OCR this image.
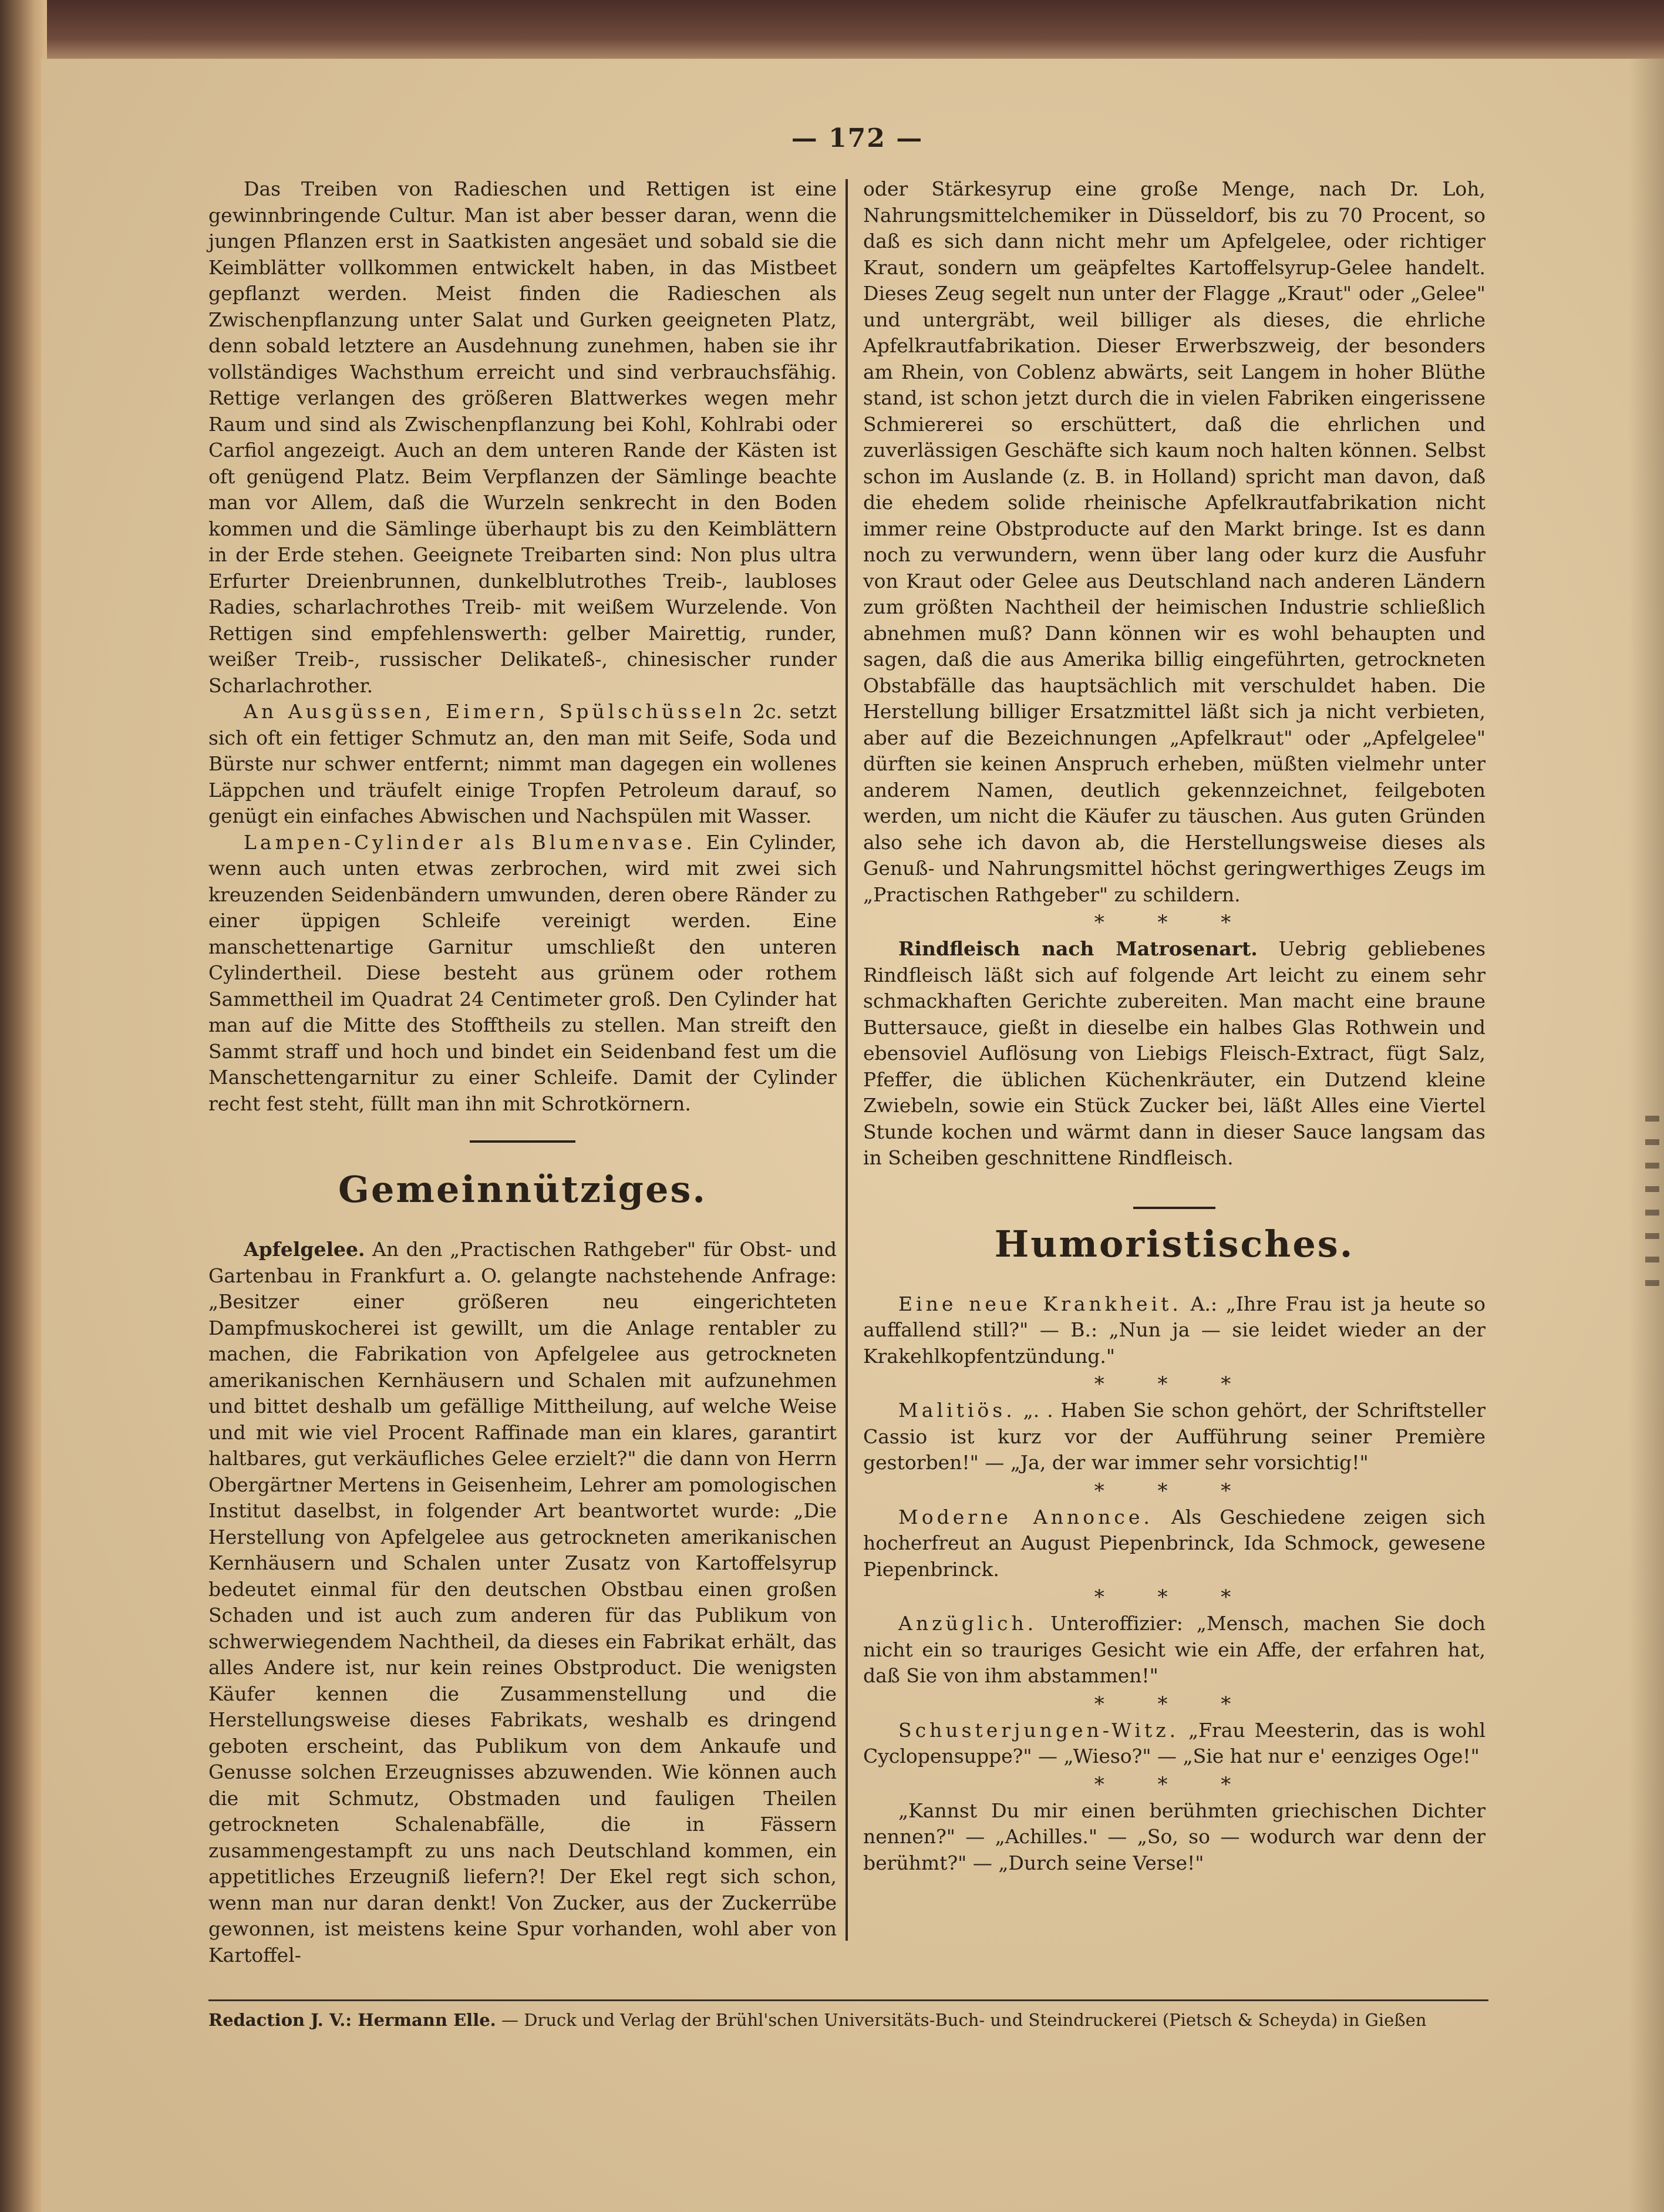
— 172 —

Das Treiben von Radieschen und Rettigen ist eine gewinnbringende Cultur. Man ist aber besser daran, wenn die jungen Pflanzen erst in Saatkisten angesäet und sobald sie die Keimblätter vollkommen entwickelt haben, in das Mistbeet gepflanzt werden. Meist finden die Radieschen als Zwischenpflanzung unter Salat und Gurken geeigneten Platz, denn sobald letztere an Ausdehnung zunehmen, haben sie ihr vollständiges Wachsthum erreicht und sind verbrauchsfähig. Rettige verlangen des größeren Blattwerkes wegen mehr Raum und sind als Zwischenpflanzung bei Kohl, Kohlrabi oder Carfiol angezeigt. Auch an dem unteren Rande der Kästen ist oft genügend Platz. Beim Verpflanzen der Sämlinge beachte man vor Allem, daß die Wurzeln senkrecht in den Boden kommen und die Sämlinge überhaupt bis zu den Keimblättern in der Erde stehen. Geeignete Treibarten sind: Non plus ultra Erfurter Dreienbrunnen, dunkelblutrothes Treib-, laubloses Radies, scharlachrothes Treib- mit weißem Wurzelende. Von Rettigen sind empfehlenswerth: gelber Mairettig, runder, weißer Treib-, russischer Delikateß-, chinesischer runder Scharlachrother.

An Ausgüssen, Eimern, Spülschüsseln 2c. setzt sich oft ein fettiger Schmutz an, den man mit Seife, Soda und Bürste nur schwer entfernt; nimmt man dagegen ein wollenes Läppchen und träufelt einige Tropfen Petroleum darauf, so genügt ein einfaches Abwischen und Nachspülen mit Wasser.

Lampen-Cylinder als Blumenvase. Ein Cylinder, wenn auch unten etwas zerbrochen, wird mit zwei sich kreuzenden Seidenbändern umwunden, deren obere Ränder zu einer üppigen Schleife vereinigt werden. Eine manschettenartige Garnitur umschließt den unteren Cylindertheil. Diese besteht aus grünem oder rothem Sammettheil im Quadrat 24 Centimeter groß. Den Cylinder hat man auf die Mitte des Stofftheils zu stellen. Man streift den Sammt straff und hoch und bindet ein Seidenband fest um die Manschettengarnitur zu einer Schleife. Damit der Cylinder recht fest steht, füllt man ihn mit Schrotkörnern.

Gemeinnütziges.

Apfelgelee. An den „Practischen Rathgeber" für Obst- und Gartenbau in Frankfurt a. O. gelangte nachstehende Anfrage: „Besitzer einer größeren neu eingerichteten Dampfmuskocherei ist gewillt, um die Anlage rentabler zu machen, die Fabrikation von Apfelgelee aus getrockneten amerikanischen Kernhäusern und Schalen mit aufzunehmen und bittet deshalb um gefällige Mittheilung, auf welche Weise und mit wie viel Procent Raffinade man ein klares, garantirt haltbares, gut verkäufliches Gelee erzielt?" die dann von Herrn Obergärtner Mertens in Geisenheim, Lehrer am pomologischen Institut daselbst, in folgender Art beantwortet wurde: „Die Herstellung von Apfelgelee aus getrockneten amerikanischen Kernhäusern und Schalen unter Zusatz von Kartoffelsyrup bedeutet einmal für den deutschen Obstbau einen großen Schaden und ist auch zum anderen für das Publikum von schwerwiegendem Nachtheil, da dieses ein Fabrikat erhält, das alles Andere ist, nur kein reines Obstproduct. Die wenigsten Käufer kennen die Zusammenstellung und die Herstellungsweise dieses Fabrikats, weshalb es dringend geboten erscheint, das Publikum von dem Ankaufe und Genusse solchen Erzeugnisses abzuwenden. Wie können auch die mit Schmutz, Obstmaden und fauligen Theilen getrockneten Schalenabfälle, die in Fässern zusammengestampft zu uns nach Deutschland kommen, ein appetitliches Erzeugniß liefern?! Der Ekel regt sich schon, wenn man nur daran denkt! Von Zucker, aus der Zuckerrübe gewonnen, ist meistens keine Spur vorhanden, wohl aber von Kartoffel-

oder Stärkesyrup eine große Menge, nach Dr. Loh, Nahrungsmittelchemiker in Düsseldorf, bis zu 70 Procent, so daß es sich dann nicht mehr um Apfelgelee, oder richtiger Kraut, sondern um geäpfeltes Kartoffelsyrup-Gelee handelt. Dieses Zeug segelt nun unter der Flagge „Kraut" oder „Gelee" und untergräbt, weil billiger als dieses, die ehrliche Apfelkrautfabrikation. Dieser Erwerbszweig, der besonders am Rhein, von Coblenz abwärts, seit Langem in hoher Blüthe stand, ist schon jetzt durch die in vielen Fabriken eingerissene Schmiererei so erschüttert, daß die ehrlichen und zuverlässigen Geschäfte sich kaum noch halten können. Selbst schon im Auslande (z. B. in Holland) spricht man davon, daß die ehedem solide rheinische Apfelkrautfabrikation nicht immer reine Obstproducte auf den Markt bringe. Ist es dann noch zu verwundern, wenn über lang oder kurz die Ausfuhr von Kraut oder Gelee aus Deutschland nach anderen Ländern zum größten Nachtheil der heimischen Industrie schließlich abnehmen muß? Dann können wir es wohl behaupten und sagen, daß die aus Amerika billig eingeführten, getrockneten Obstabfälle das hauptsächlich mit verschuldet haben. Die Herstellung billiger Ersatzmittel läßt sich ja nicht verbieten, aber auf die Bezeichnungen „Apfelkraut" oder „Apfelgelee" dürften sie keinen Anspruch erheben, müßten vielmehr unter anderem Namen, deutlich gekennzeichnet, feilgeboten werden, um nicht die Käufer zu täuschen. Aus guten Gründen also sehe ich davon ab, die Herstellungsweise dieses als Genuß- und Nahrungsmittel höchst geringwerthiges Zeugs im „Practischen Rathgeber" zu schildern.

* * *

Rindfleisch nach Matrosenart. Uebrig gebliebenes Rindfleisch läßt sich auf folgende Art leicht zu einem sehr schmackhaften Gerichte zubereiten. Man macht eine braune Buttersauce, gießt in dieselbe ein halbes Glas Rothwein und ebensoviel Auflösung von Liebigs Fleisch-Extract, fügt Salz, Pfeffer, die üblichen Küchenkräuter, ein Dutzend kleine Zwiebeln, sowie ein Stück Zucker bei, läßt Alles eine Viertel Stunde kochen und wärmt dann in dieser Sauce langsam das in Scheiben geschnittene Rindfleisch.

Humoristisches.

Eine neue Krankheit. A.: „Ihre Frau ist ja heute so auffallend still?" — B.: „Nun ja — sie leidet wieder an der Krakehlkopfentzündung."

* * *

Malitiös. „. . Haben Sie schon gehört, der Schriftsteller Cassio ist kurz vor der Aufführung seiner Première gestorben!" — „Ja, der war immer sehr vorsichtig!"

* * *

Moderne Annonce. Als Geschiedene zeigen sich hocherfreut an August Piepenbrinck, Ida Schmock, gewesene Piepenbrinck.

* * *

Anzüglich. Unteroffizier: „Mensch, machen Sie doch nicht ein so trauriges Gesicht wie ein Affe, der erfahren hat, daß Sie von ihm abstammen!"

* * *

Schusterjungen-Witz. „Frau Meesterin, das is wohl Cyclopensuppe?" — „Wieso?" — „Sie hat nur e' eenziges Oge!"

* * *

„Kannst Du mir einen berühmten griechischen Dichter nennen?" — „Achilles." — „So, so — wodurch war denn der berühmt?" — „Durch seine Verse!"

Redaction J. V.: Hermann Elle. — Druck und Verlag der Brühl'schen Universitäts-Buch- und Steindruckerei (Pietsch & Scheyda) in Gießen
